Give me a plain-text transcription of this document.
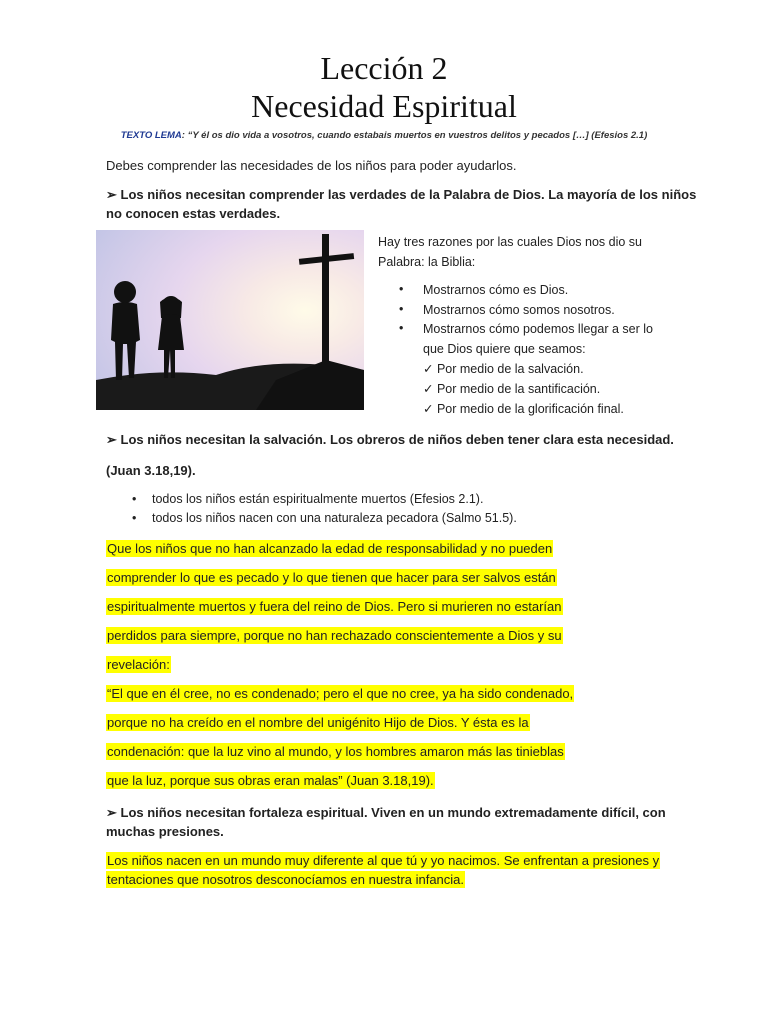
Lección 2
Necesidad Espiritual
TEXTO LEMA: “Y él os dio vida a vosotros, cuando estabais muertos en vuestros delitos y pecados […] (Efesios 2.1)
Debes comprender las necesidades de los niños para poder ayudarlos.
➢ Los niños necesitan comprender las verdades de la Palabra de Dios. La mayoría de los niños
no conocen estas verdades.
Hay tres razones por las cuales Dios nos dio su
Palabra: la Biblia:
• Mostrarnos cómo es Dios.
• Mostrarnos cómo somos nosotros.
• Mostrarnos cómo podemos llegar a ser lo
que Dios quiere que seamos:
✓ Por medio de la salvación.
✓ Por medio de la santificación.
✓ Por medio de la glorificación final.
➢ Los niños necesitan la salvación. Los obreros de niños deben tener clara esta necesidad.
(Juan 3.18,19).
• todos los niños están espiritualmente muertos (Efesios 2.1).
• todos los niños nacen con una naturaleza pecadora (Salmo 51.5).
Que los niños que no han alcanzado la edad de responsabilidad y no pueden
comprender lo que es pecado y lo que tienen que hacer para ser salvos están
espiritualmente muertos y fuera del reino de Dios. Pero si murieren no estarían
perdidos para siempre, porque no han rechazado conscientemente a Dios y su
revelación:
“El que en él cree, no es condenado; pero el que no cree, ya ha sido condenado,
porque no ha creído en el nombre del unigénito Hijo de Dios. Y ésta es la
condenación: que la luz vino al mundo, y los hombres amaron más las tinieblas
que la luz, porque sus obras eran malas” (Juan 3.18,19).
➢ Los niños necesitan fortaleza espiritual. Viven en un mundo extremadamente difícil, con
muchas presiones.
Los niños nacen en un mundo muy diferente al que tú y yo nacimos. Se enfrentan a presiones y
tentaciones que nosotros desconocíamos en nuestra infancia.
